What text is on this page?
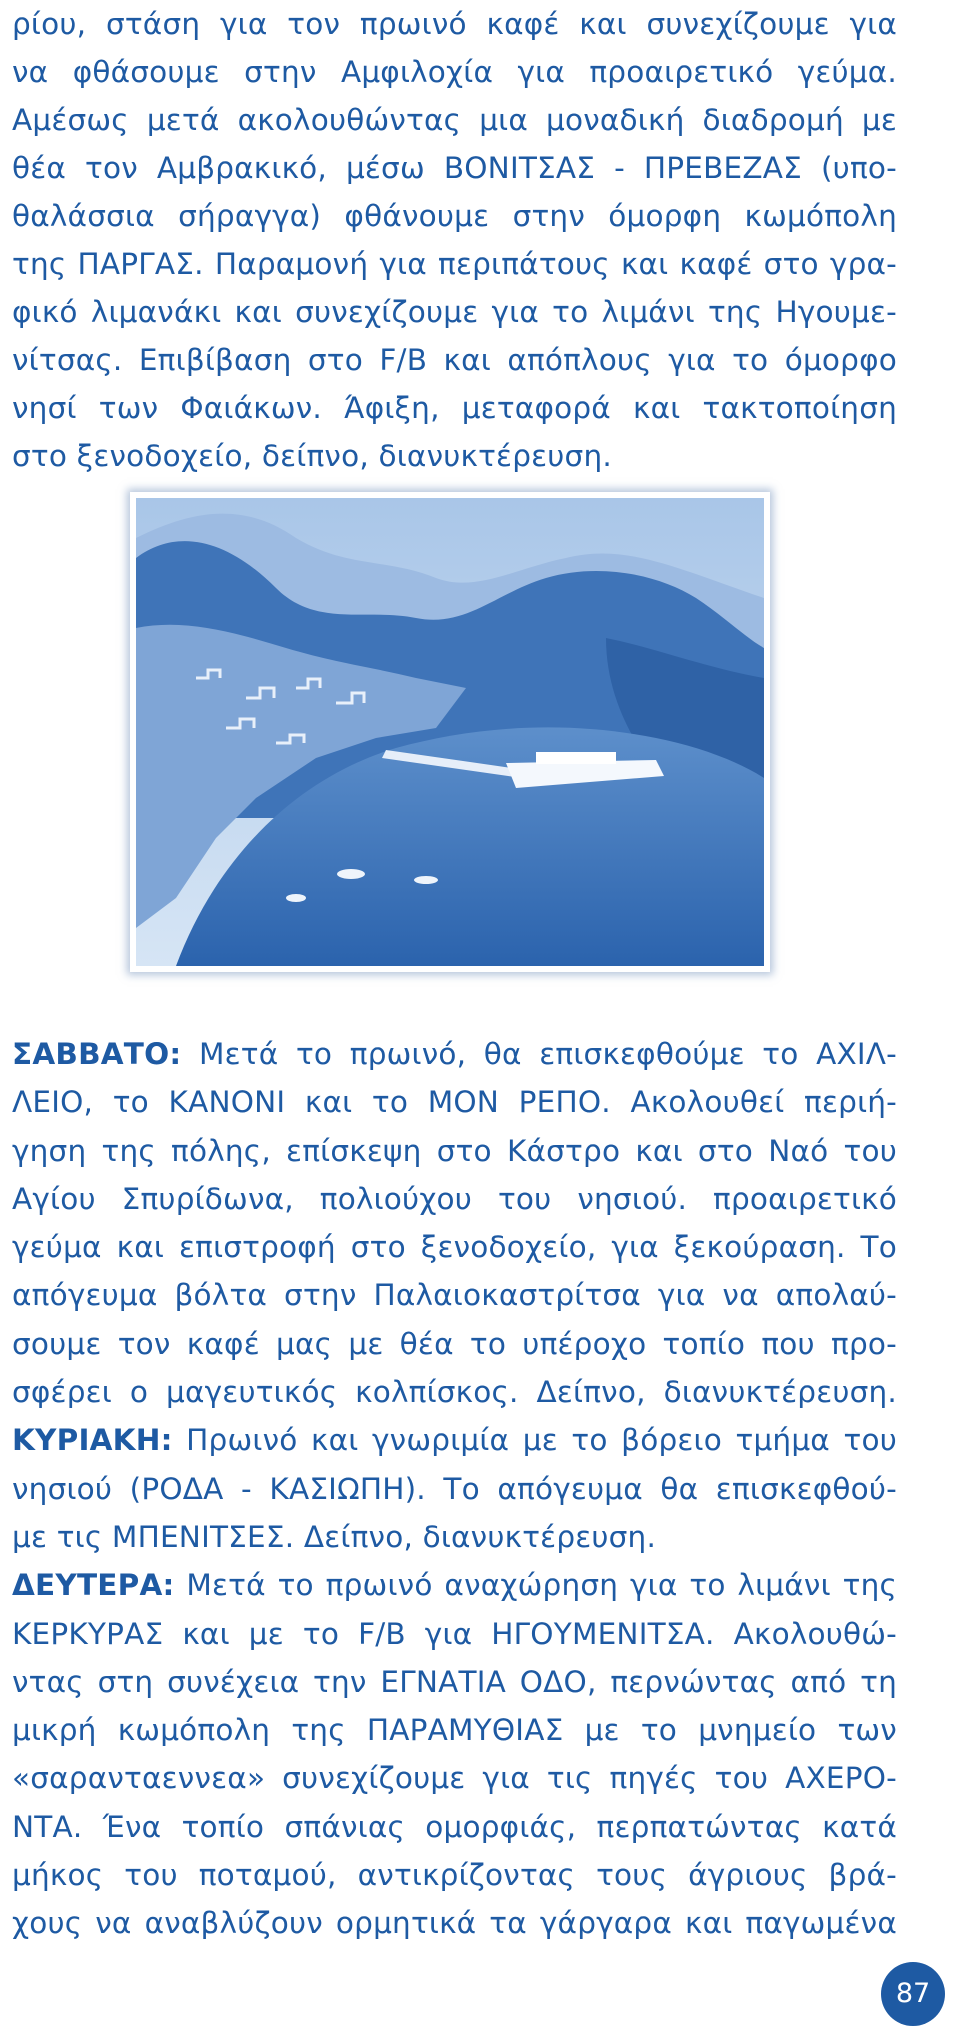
ρίου, στάση για τον πρωινό καφέ και συνεχίζουμε για
να φθάσουμε στην Αμφιλοχία για προαιρετικό γεύμα.
Αμέσως μετά ακολουθώντας μια μοναδική διαδρομή με
θέα τον Αμβρακικό, μέσω ΒΟΝΙΤΣΑΣ - ΠΡΕΒΕΖΑΣ (υπο-
θαλάσσια σήραγγα) φθάνουμε στην όμορφη κωμόπολη
της ΠΑΡΓΑΣ. Παραμονή για περιπάτους και καφέ στο γρα-
φικό λιμανάκι και συνεχίζουμε για το λιμάνι της Ηγουμε-
νίτσας. Επιβίβαση στο F/B και απόπλους για το όμορφο
νησί των Φαιάκων. Άφιξη, μεταφορά και τακτοποίηση
στο ξενοδοχείο, δείπνο, διανυκτέρευση.
ΣΑΒΒΑΤΟ: Μετά το πρωινό, θα επισκεφθούμε το ΑΧΙΛ-
ΛΕΙΟ, το ΚΑΝΟΝΙ και το ΜΟΝ ΡΕΠΟ. Ακολουθεί περιή-
γηση της πόλης, επίσκεψη στο Κάστρο και στο Ναό του
Αγίου Σπυρίδωνα, πολιούχου του νησιού. προαιρετικό
γεύμα και επιστροφή στο ξενοδοχείο, για ξεκούραση. Το
απόγευμα βόλτα στην Παλαιοκαστρίτσα για να απολαύ-
σουμε τον καφέ μας με θέα το υπέροχο τοπίο που προ-
σφέρει ο μαγευτικός κολπίσκος. Δείπνο, διανυκτέρευση.
ΚΥΡΙΑΚΗ: Πρωινό και γνωριμία με το βόρειο τμήμα του
νησιού (ΡΟΔΑ - ΚΑΣΙΩΠΗ). Το απόγευμα θα επισκεφθού-
με τις ΜΠΕΝΙΤΣΕΣ. Δείπνο, διανυκτέρευση.
ΔΕΥΤΕΡΑ: Μετά το πρωινό αναχώρηση για το λιμάνι της
ΚΕΡΚΥΡΑΣ και με το F/B για ΗΓΟΥΜΕΝΙΤΣΑ. Ακολουθώ-
ντας στη συνέχεια την ΕΓΝΑΤΙΑ ΟΔΟ, περνώντας από τη
μικρή κωμόπολη της ΠΑΡΑΜΥΘΙΑΣ με το μνημείο των
«σαρανταεννεα» συνεχίζουμε για τις πηγές του ΑΧΕΡΟ-
ΝΤΑ. Ένα τοπίο σπάνιας ομορφιάς, περπατώντας κατά
μήκος του ποταμού, αντικρίζοντας τους άγριους βρά-
χους να αναβλύζουν ορμητικά τα γάργαρα και παγωμένα
87
